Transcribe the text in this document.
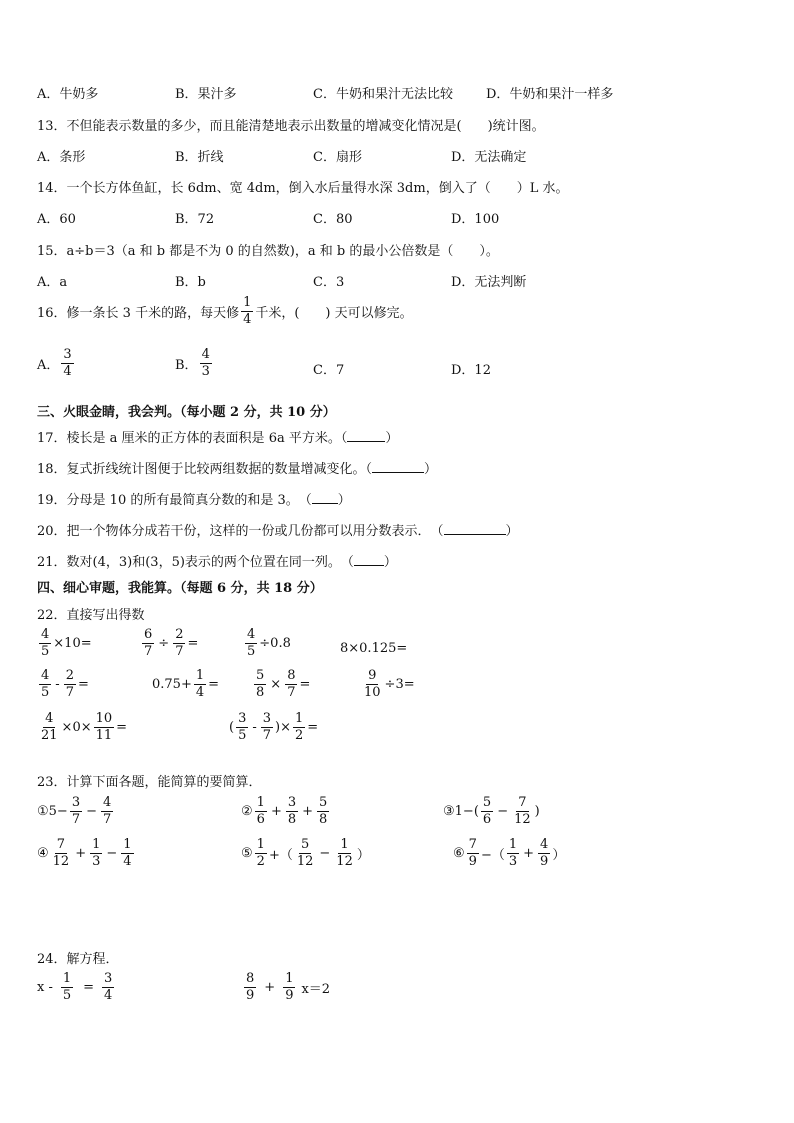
A．牛奶多	B．果汁多	C．牛奶和果汁无法比较	D．牛奶和果汁一样多
13．不但能表示数量的多少，而且能清楚地表示出数量的增减变化情况是(　　)统计图。
A．条形	B．折线	C．扇形	D．无法确定
14．一个长方体鱼缸，长 6dm、宽 4dm，倒入水后量得水深 3dm，倒入了（　　）L 水。
A．60	B．72	C．80	D．100
15．a÷b＝3（a 和 b 都是不为 0 的自然数)，a 和 b 的最小公倍数是（　　）。
A．a	B．b	C．3	D．无法判断
16．修一条长 3 千米的路，每天修 $\frac{1}{4}$ 千米，(　　) 天可以修完。
A． $\frac{3}{4}$	B． $\frac{4}{3}$	C．7	D．12
三、火眼金睛，我会判。（每小题 2 分，共 10 分）
17．棱长是 a 厘米的正方体的表面积是 6a 平方米。（	）
18．复式折线统计图便于比较两组数据的数量增减变化。（	）
19．分母是 10 的所有最简真分数的和是 3。　（ ）
20．把一个物体分成若干份，这样的一份或几份都可以用分数表示．　（	）
21．数对(4，3)和(3，5)表示的两个位置在同一列。　（ ）
四、细心审题，我能算。（每题 6 分，共 18 分）
22．直接写出得数
$\frac{4}{5} \times 10=$	$\frac{6}{7} \div \frac{2}{7}$ =	$\frac{4}{5} \div 0.8$	8×0.125=
$\frac{4}{5} - \frac{2}{7}$ =	$0.75+ \frac{1}{4}$ =	$\frac{5}{8} \times \frac{8}{7}$ =	$\frac{9}{10} \div 3=$
$\frac{4}{21} \times 0\times \frac{10}{11}$ =	( $\frac{3}{5} - \frac{3}{7}$ )× $\frac{1}{2}$ =
23．计算下面各题，能简算的要简算．
① $5- \frac{3}{7} - \frac{4}{7}$	② $\frac{1}{6} + \frac{3}{8} + \frac{5}{8}$	③ $1-( \frac{5}{6} - \frac{7}{12}$ )
④ $\frac{7}{12} + \frac{1}{3} - \frac{1}{4}$	⑤ $\frac{1}{2}$ +（ $\frac{5}{12} - \frac{1}{12}$ ）	⑥ $\frac{7}{9}$ −（ $\frac{1}{3} + \frac{4}{9}$ ）
24．解方程．
$x - \frac{1}{5} = \frac{3}{4}$	$\frac{8}{9} + \frac{1}{9} x=2$
